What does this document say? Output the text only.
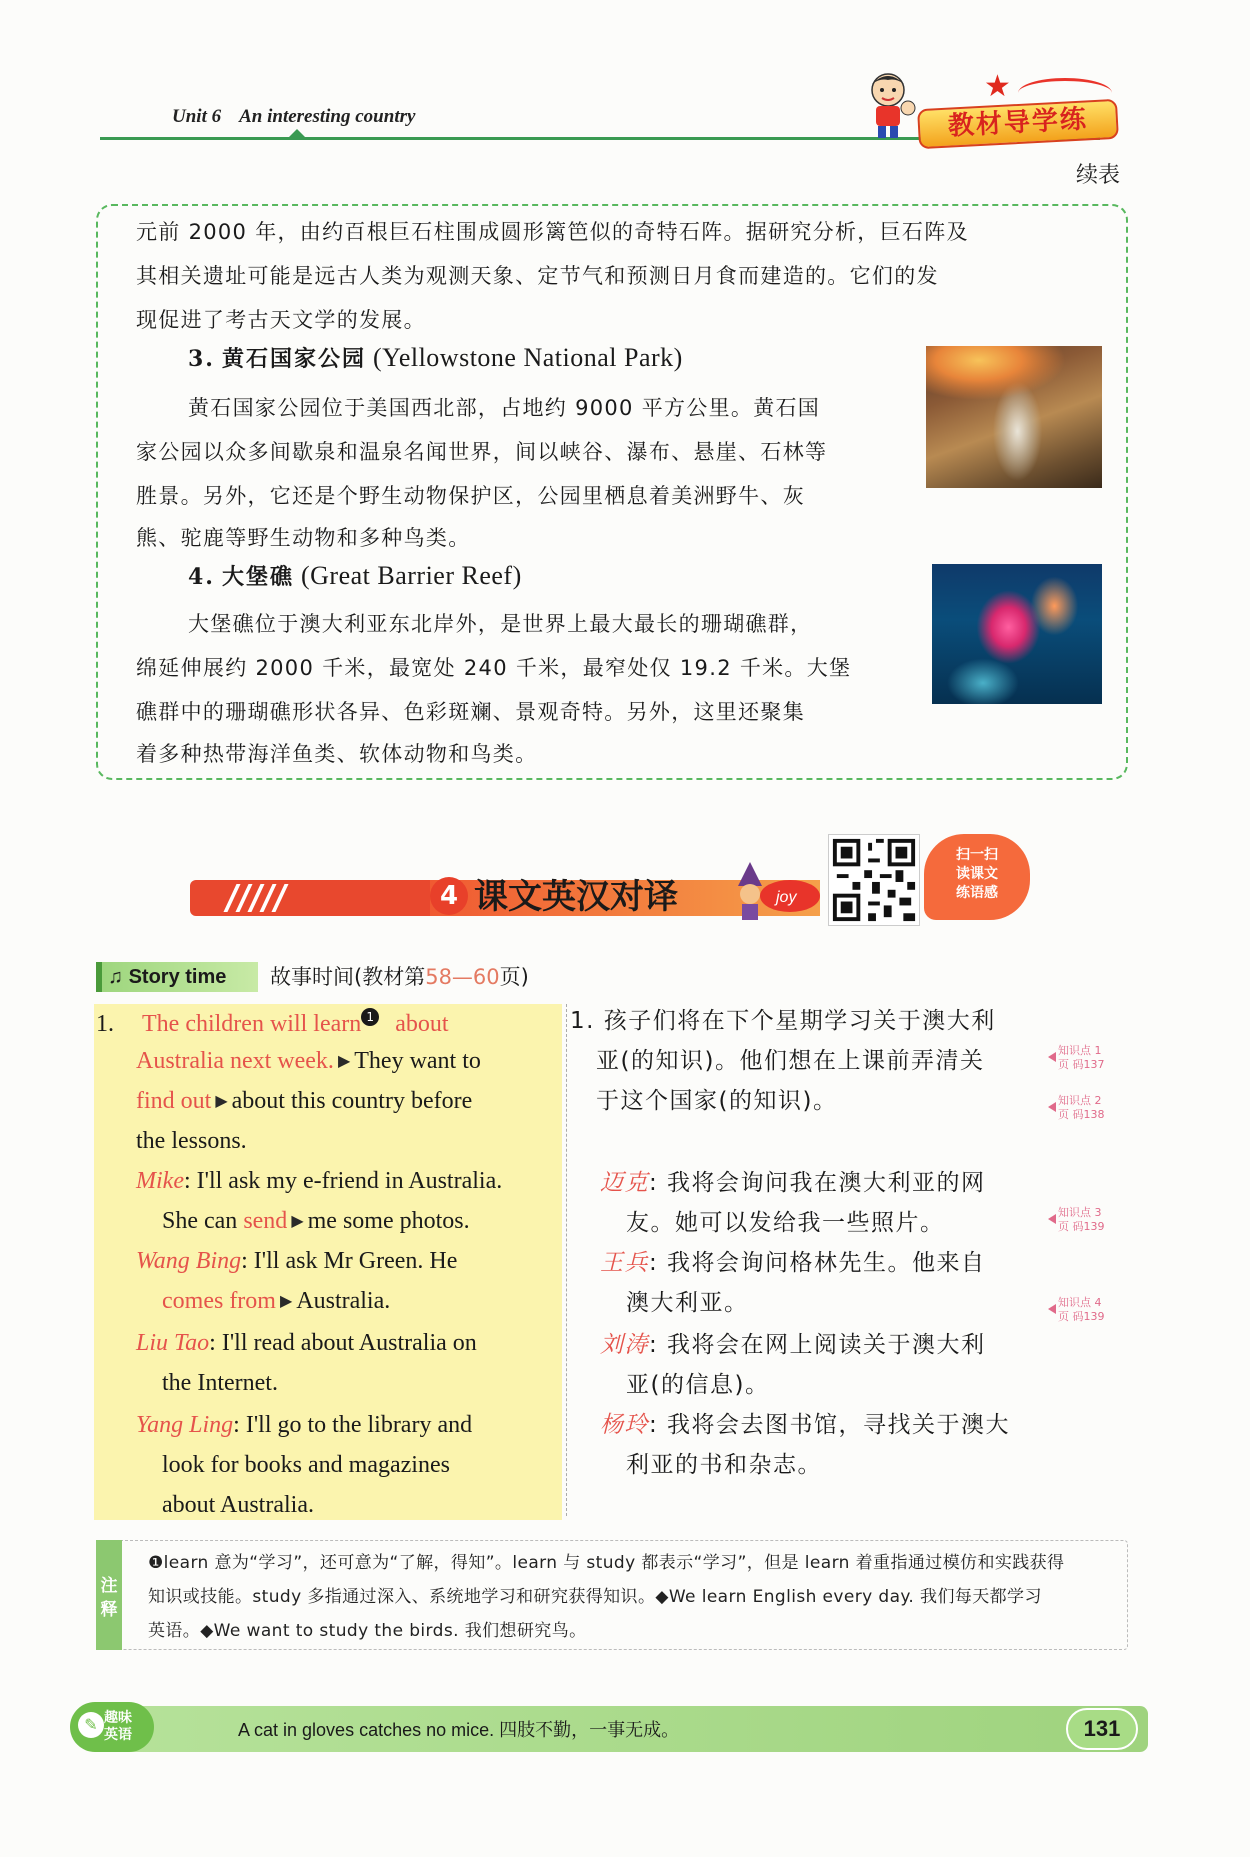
Unit 6 An interesting country
★
教材导学练
续表
元前 2000 年，由约百根巨石柱围成圆形篱笆似的奇特石阵。据研究分析，巨石阵及
其相关遗址可能是远古人类为观测天象、定节气和预测日月食而建造的。它们的发
现促进了考古天文学的发展。
3. 黄石国家公园 (Yellowstone National Park)
黄石国家公园位于美国西北部，占地约 9000 平方公里。黄石国
家公园以众多间歇泉和温泉名闻世界，间以峡谷、瀑布、悬崖、石林等
胜景。另外，它还是个野生动物保护区，公园里栖息着美洲野牛、灰
熊、驼鹿等野生动物和多种鸟类。
4. 大堡礁 (Great Barrier Reef)
大堡礁位于澳大利亚东北岸外，是世界上最大最长的珊瑚礁群，
绵延伸展约 2000 千米，最宽处 240 千米，最窄处仅 19.2 千米。大堡
礁群中的珊瑚礁形状各异、色彩斑斓、景观奇特。另外，这里还聚集
着多种热带海洋鱼类、软体动物和鸟类。
4 课文英汉对译	joy
扫一扫
读课文
练语感
♫ Story time	故事时间(教材第58—60页)
1. The children will learn 1 about
Australia next week. ▶ They want to
find out ▶ about this country before
the lessons.
Mike: I'll ask my e-friend in Australia.
She can send ▶ me some photos.
Wang Bing: I'll ask Mr Green. He
comes from ▶ Australia.
Liu Tao: I'll read about Australia on
the Internet.
Yang Ling: I'll go to the library and
look for books and magazines
about Australia.
1. 孩子们将在下个星期学习关于澳大利
亚(的知识)。他们想在上课前弄清关
于这个国家(的知识)。
迈克: 我将会询问我在澳大利亚的网
友。她可以发给我一些照片。
王兵: 我将会询问格林先生。他来自
澳大利亚。
刘涛: 我将会在网上阅读关于澳大利
亚(的信息)。
杨玲: 我将会去图书馆，寻找关于澳大
利亚的书和杂志。
知识点 1
页 码137
知识点 2
页 码138
知识点 3
页 码139
知识点 4
页 码139
注释
❶learn 意为“学习”，还可意为“了解，得知”。learn 与 study 都表示“学习”，但是 learn 着重指通过模仿和实践获得
知识或技能。study 多指通过深入、系统地学习和研究获得知识。◆We learn English every day. 我们每天都学习
英语。◆We want to study the birds. 我们想研究鸟。
趣味
英语
✎	A cat in gloves catches no mice. 四肢不勤，一事无成。	131
